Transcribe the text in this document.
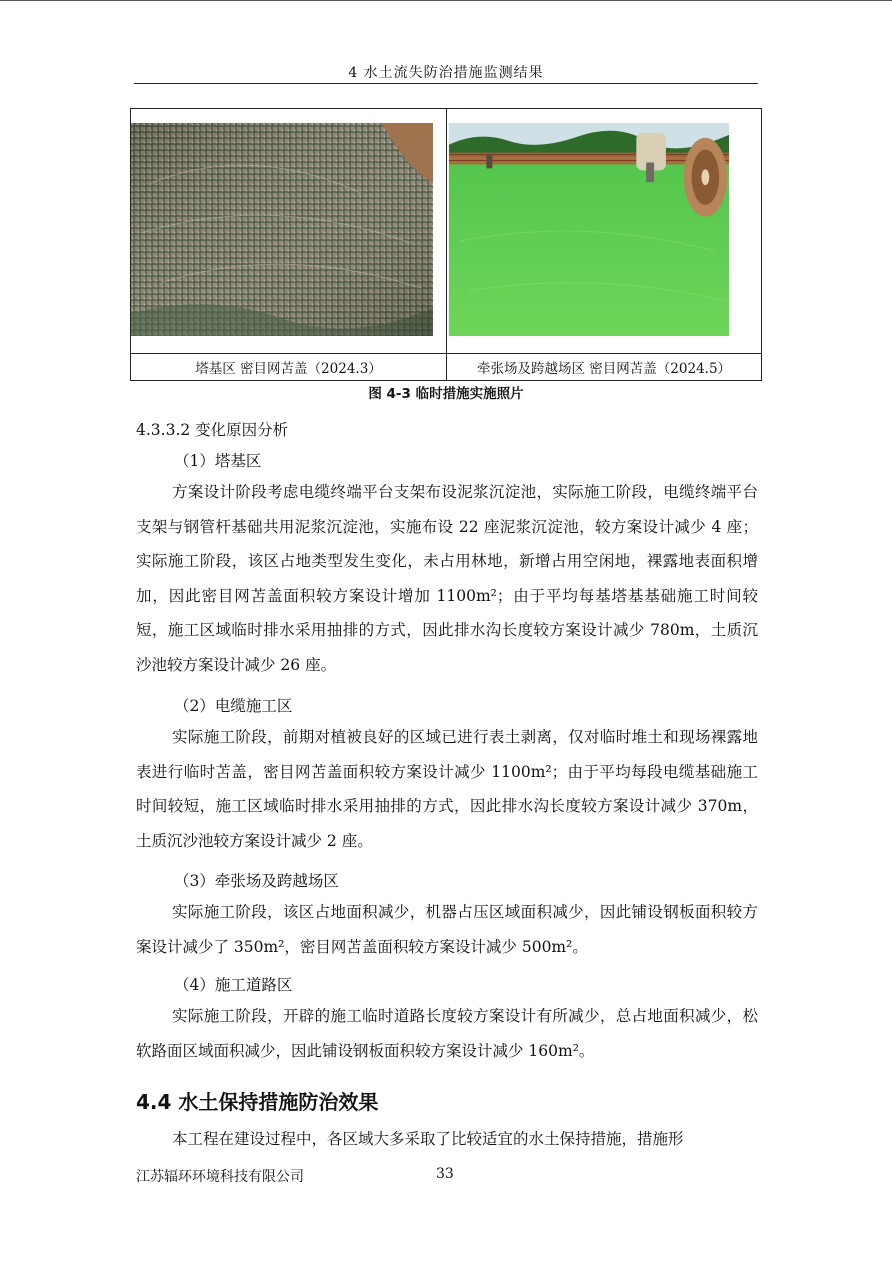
4 水土流失防治措施监测结果

塔基区 密目网苫盖（2024.3）	牵张场及跨越场区 密目网苫盖（2024.5）
图 4-3 临时措施实施照片
4.3.3.2 变化原因分析
（1）塔基区
方案设计阶段考虑电缆终端平台支架布设泥浆沉淀池，实际施工阶段，电缆终端平台支架与钢管杆基础共用泥浆沉淀池，实施布设 22 座泥浆沉淀池，较方案设计减少 4 座；实际施工阶段，该区占地类型发生变化，未占用林地，新增占用空闲地，裸露地表面积增加，因此密目网苫盖面积较方案设计增加 1100m²；由于平均每基塔基基础施工时间较短，施工区域临时排水采用抽排的方式，因此排水沟长度较方案设计减少 780m，土质沉沙池较方案设计减少 26 座。
（2）电缆施工区
实际施工阶段，前期对植被良好的区域已进行表土剥离，仅对临时堆土和现场裸露地表进行临时苫盖，密目网苫盖面积较方案设计减少 1100m²；由于平均每段电缆基础施工时间较短，施工区域临时排水采用抽排的方式，因此排水沟长度较方案设计减少 370m，土质沉沙池较方案设计减少 2 座。
（3）牵张场及跨越场区
实际施工阶段，该区占地面积减少，机器占压区域面积减少，因此铺设钢板面积较方案设计减少了 350m²，密目网苫盖面积较方案设计减少 500m²。
（4）施工道路区
实际施工阶段，开辟的施工临时道路长度较方案设计有所减少，总占地面积减少，松软路面区域面积减少，因此铺设钢板面积较方案设计减少 160m²。
4.4 水土保持措施防治效果
本工程在建设过程中，各区域大多采取了比较适宜的水土保持措施，措施形
江苏辐环环境科技有限公司	33
